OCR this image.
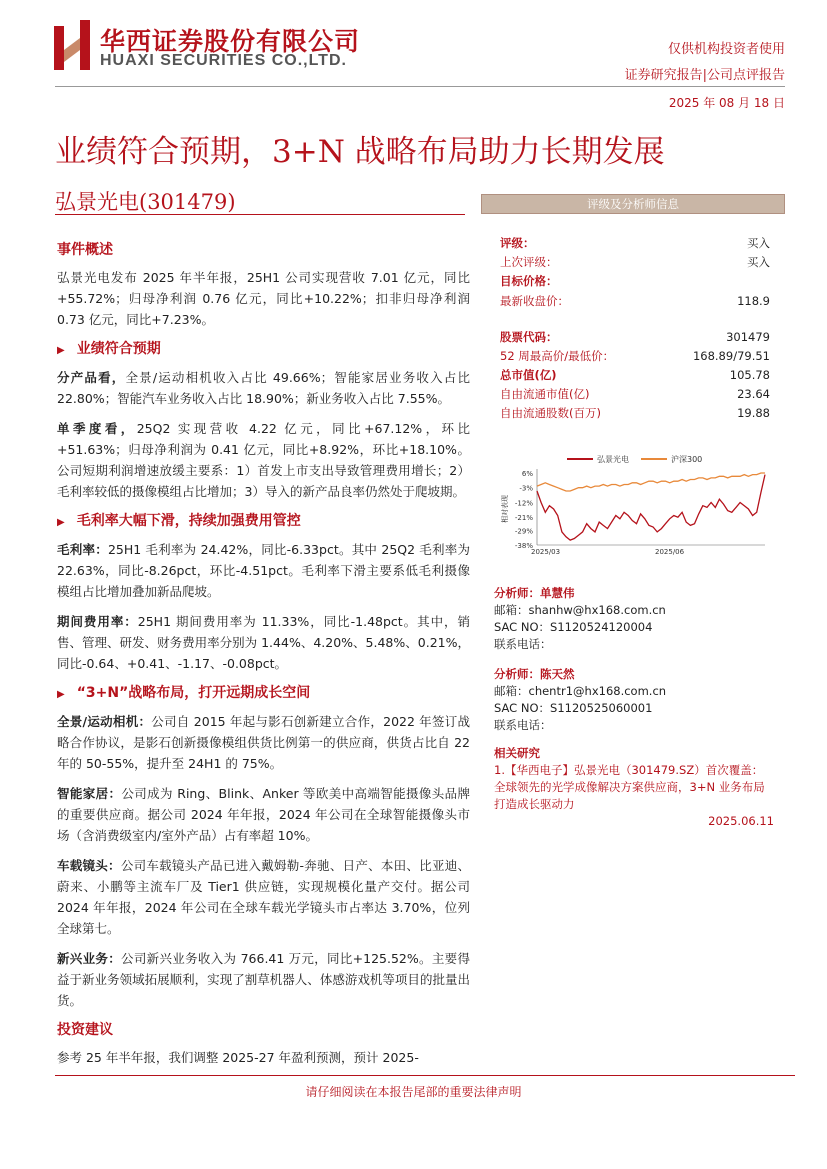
华西证券股份有限公司
HUAXI SECURITIES CO.,LTD.
仅供机构投资者使用
证券研究报告|公司点评报告
2025 年 08 月 18 日
业绩符合预期，3+N 战略布局助力长期发展
弘景光电(301479)
事件概述

弘景光电发布 2025 年半年报，25H1 公司实现营收 7.01 亿元，同比+55.72%；归母净利润 0.76 亿元，同比+10.22%；扣非归母净利润 0.73 亿元，同比+7.23%。

▶ 业绩符合预期

分产品看，全景/运动相机收入占比 49.66%；智能家居业务收入占比 22.80%；智能汽车业务收入占比 18.90%；新业务收入占比 7.55%。

单季度看，25Q2 实现营收 4.22 亿元，同比+67.12%，环比+51.63%；归母净利润为 0.41 亿元，同比+8.92%，环比+18.10%。公司短期利润增速放缓主要系：1）首发上市支出导致管理费用增长；2）毛利率较低的摄像模组占比增加；3）导入的新产品良率仍然处于爬坡期。

▶ 毛利率大幅下滑，持续加强费用管控

毛利率：25H1 毛利率为 24.42%，同比-6.33pct。其中 25Q2 毛利率为 22.63%，同比-8.26pct，环比-4.51pct。毛利率下滑主要系低毛利摄像模组占比增加叠加新品爬坡。

期间费用率：25H1 期间费用率为 11.33%，同比-1.48pct。其中，销售、管理、研发、财务费用率分别为 1.44%、4.20%、5.48%、0.21%，同比-0.64、+0.41、-1.17、-0.08pct。

▶ “3+N”战略布局，打开远期成长空间

全景/运动相机：公司自 2015 年起与影石创新建立合作，2022 年签订战略合作协议，是影石创新摄像模组供货比例第一的供应商，供货占比自 22 年的 50-55%，提升至 24H1 的 75%。

智能家居：公司成为 Ring、Blink、Anker 等欧美中高端智能摄像头品牌的重要供应商。据公司 2024 年年报，2024 年公司在全球智能摄像头市场（含消费级室内/室外产品）占有率超 10%。

车载镜头：公司车载镜头产品已进入戴姆勒-奔驰、日产、本田、比亚迪、蔚来、小鹏等主流车厂及 Tier1 供应链，实现规模化量产交付。据公司 2024 年年报，2024 年公司在全球车载光学镜头市占率达 3.70%，位列全球第七。

新兴业务：公司新兴业务收入为 766.41 万元，同比+125.52%。主要得益于新业务领域拓展顺利，实现了割草机器人、体感游戏机等项目的批量出货。

投资建议

参考 25 年半年报，我们调整 2025-27 年盈利预测，预计 2025-

评级及分析师信息
评级：	买入
上次评级：	买入
目标价格：
最新收盘价：	118.9
股票代码：	301479
52 周最高价/最低价：	168.89/79.51
总市值(亿)	105.78
自由流通市值(亿)	23.64
自由流通股数(百万)	19.88
弘景光电	沪深300
6%
-3%
-12%
-21%
-29%
-38%
相对表现
2025/03	2025/06
分析师：单慧伟
邮箱：shanhw@hx168.com.cn
SAC NO：S1120524120004
联系电话：
分析师：陈天然
邮箱：chentr1@hx168.com.cn
SAC NO：S1120525060001
联系电话：
相关研究
1.【华西电子】弘景光电（301479.SZ）首次覆盖：全球领先的光学成像解决方案供应商，3+N 业务布局打造成长驱动力
2025.06.11
请仔细阅读在本报告尾部的重要法律声明
